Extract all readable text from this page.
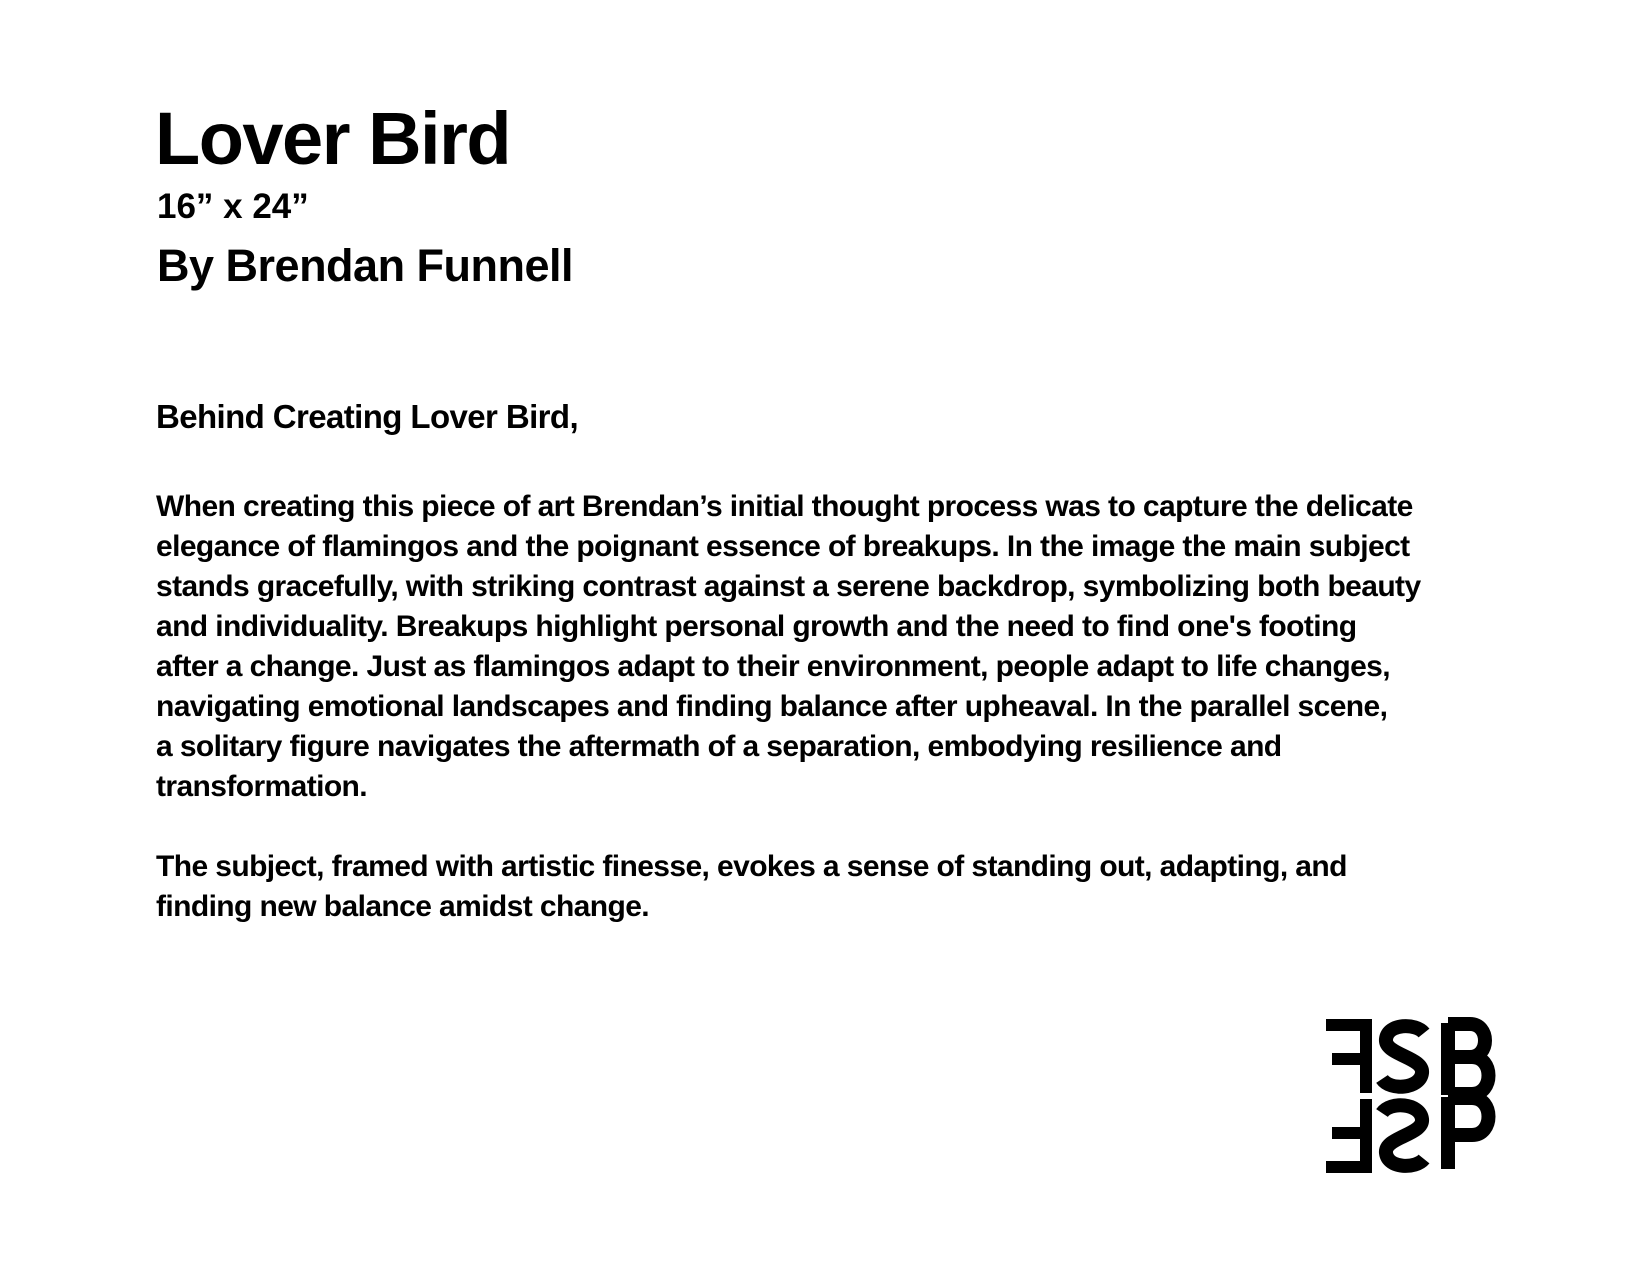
Lover Bird
16” x 24”
By Brendan Funnell
Behind Creating Lover Bird,

When creating this piece of art Brendan’s initial thought process was to capture the delicate
elegance of flamingos and the poignant essence of breakups. In the image the main subject
stands gracefully, with striking contrast against a serene backdrop, symbolizing both beauty
and individuality. Breakups highlight personal growth and the need to find one's footing
after a change. Just as flamingos adapt to their environment, people adapt to life changes,
navigating emotional landscapes and finding balance after upheaval. In the parallel scene,
a solitary figure navigates the aftermath of a separation, embodying resilience and
transformation.

The subject, framed with artistic finesse, evokes a sense of standing out, adapting, and
finding new balance amidst change.
